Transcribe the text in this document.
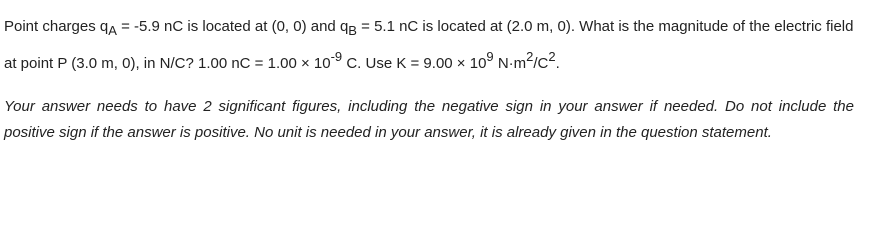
Point charges $q_A = -5.9$ nC is located at (0, 0) and $q_B = 5.1$ nC is located at (2.0 m, 0). What is the magnitude of the electric field at point P (3.0 m, 0), in N/C? 1.00 nC = $1.00 \times 10^{-9}$ C. Use $K = 9.00 \times 10^9$ $N\cdot m^2/C^2$.

Your answer needs to have 2 significant figures, including the negative sign in your answer if needed. Do not include the positive sign if the answer is positive. No unit is needed in your answer, it is already given in the question statement.
